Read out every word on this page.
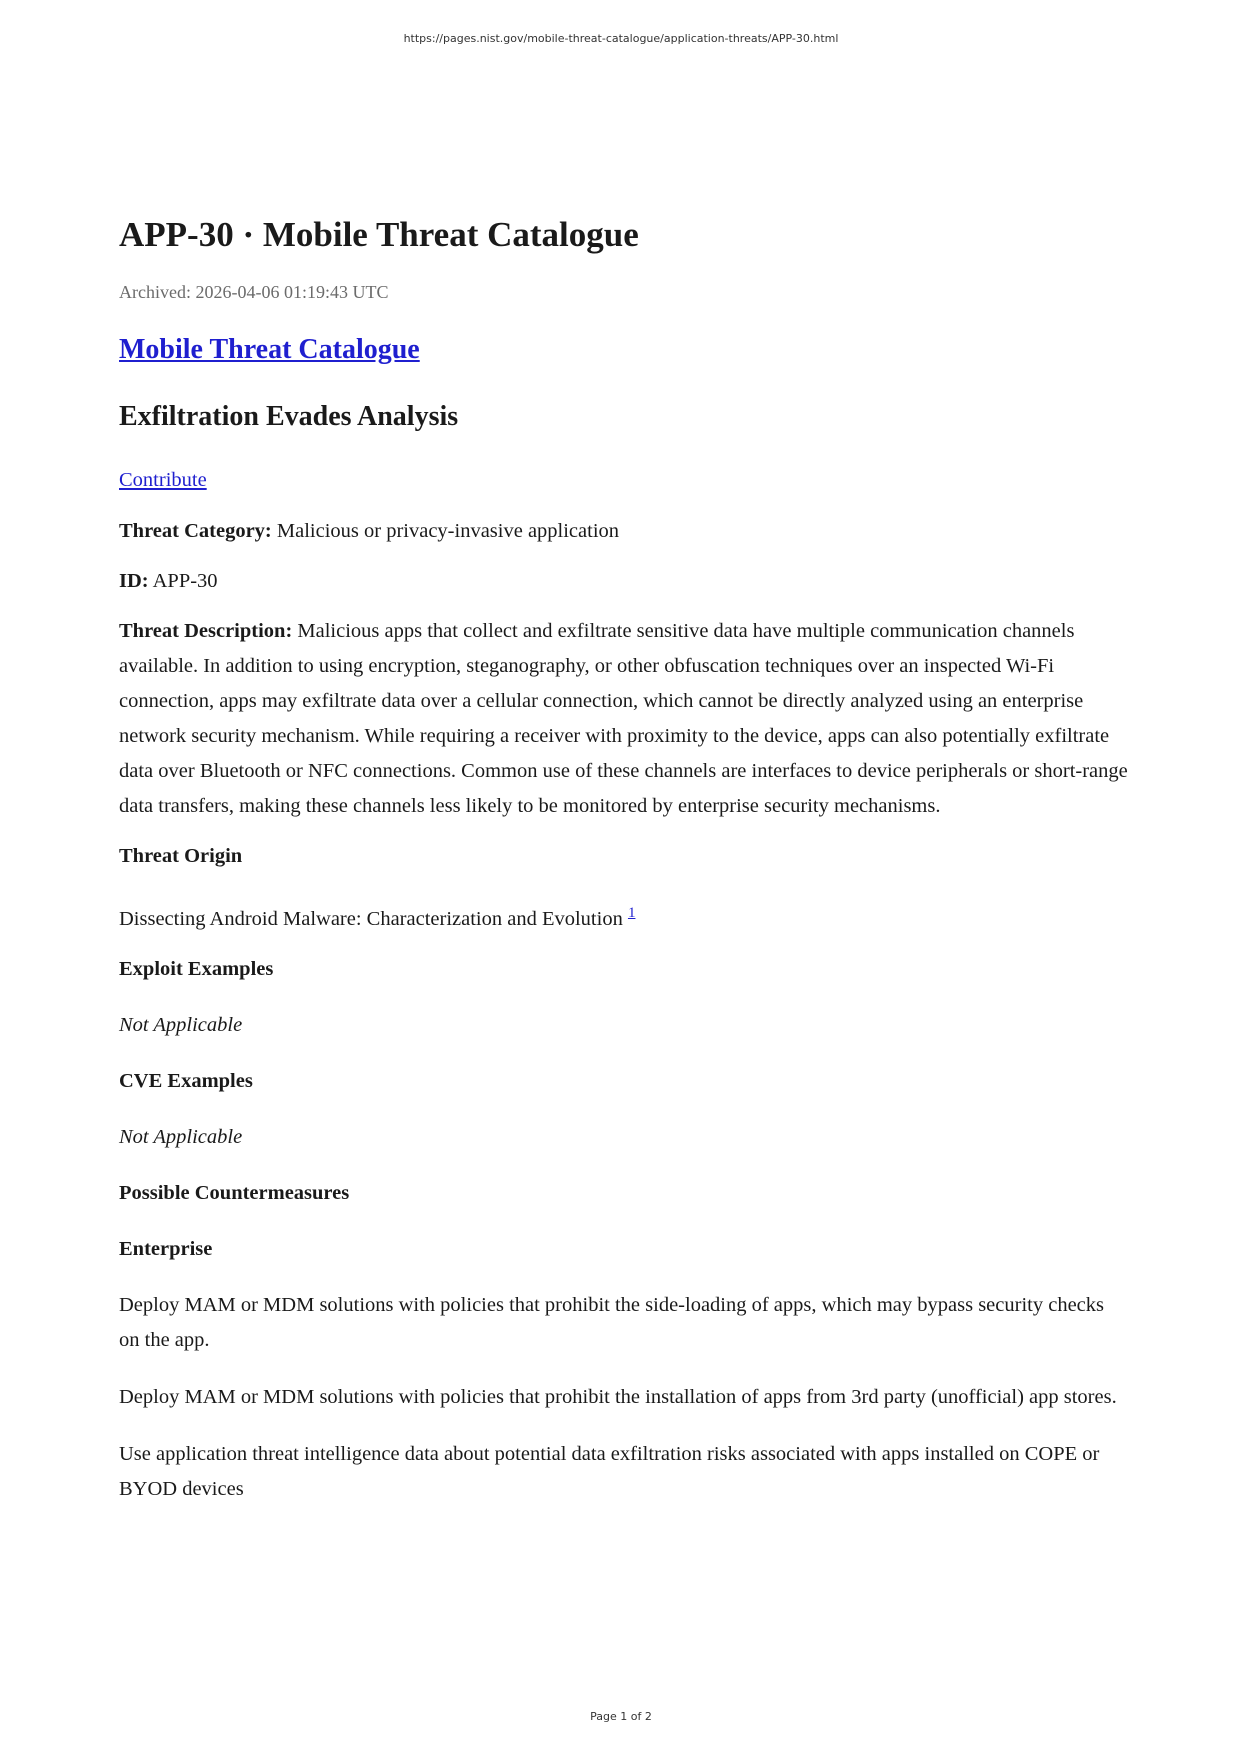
https://pages.nist.gov/mobile-threat-catalogue/application-threats/APP-30.html
APP-30 · Mobile Threat Catalogue
Archived: 2026-04-06 01:19:43 UTC
Mobile Threat Catalogue
Exfiltration Evades Analysis

Contribute

Threat Category: Malicious or privacy-invasive application

ID: APP-30

Threat Description: Malicious apps that collect and exfiltrate sensitive data have multiple communication channels available. In addition to using encryption, steganography, or other obfuscation techniques over an inspected Wi-Fi connection, apps may exfiltrate data over a cellular connection, which cannot be directly analyzed using an enterprise network security mechanism. While requiring a receiver with proximity to the device, apps can also potentially exfiltrate data over Bluetooth or NFC connections. Common use of these channels are interfaces to device peripherals or short-range data transfers, making these channels less likely to be monitored by enterprise security mechanisms.

Threat Origin

Dissecting Android Malware: Characterization and Evolution $^1$

Exploit Examples

Not Applicable

CVE Examples

Not Applicable

Possible Countermeasures

Enterprise

Deploy MAM or MDM solutions with policies that prohibit the side-loading of apps, which may bypass security checks on the app.

Deploy MAM or MDM solutions with policies that prohibit the installation of apps from 3rd party (unofficial) app stores.

Use application threat intelligence data about potential data exfiltration risks associated with apps installed on COPE or BYOD devices

Page 1 of 2
